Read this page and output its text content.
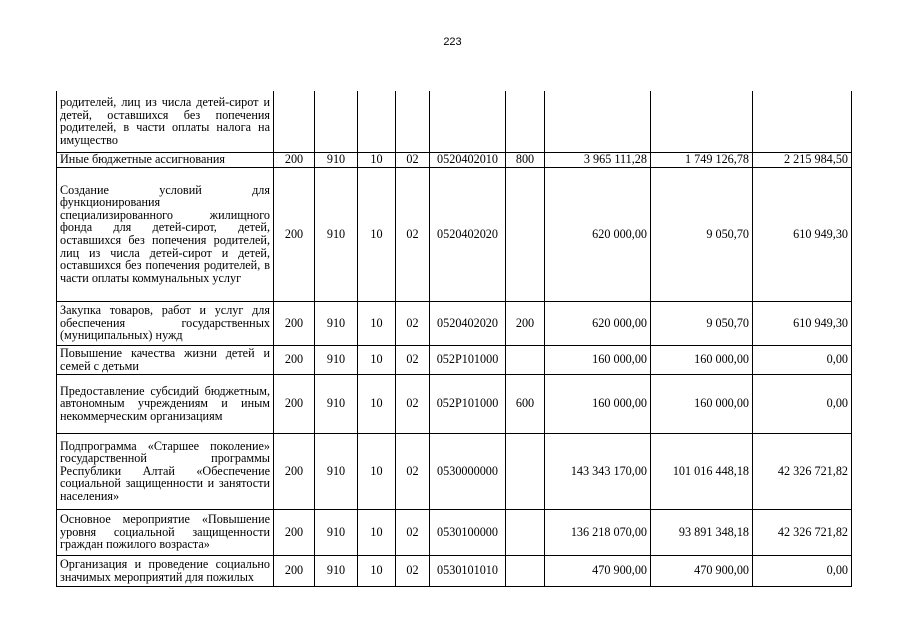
223
родителей, лиц из числа детей-сирот и детей, оставшихся без попечения родителей, в части оплаты налога на имущество									
Иные бюджетные ассигнования	200	910	10	02	0520402010	800	3 965 111,28	1 749 126,78	2 215 984,50
Создание условий для функционирования специализированного жилищного фонда для детей-сирот, детей, оставшихся без попечения родителей, лиц из числа детей-сирот и детей, оставшихся без попечения родителей, в части оплаты коммунальных услуг	200	910	10	02	0520402020		620 000,00	9 050,70	610 949,30
Закупка товаров, работ и услуг для обеспечения государственных (муниципальных) нужд	200	910	10	02	0520402020	200	620 000,00	9 050,70	610 949,30
Повышение качества жизни детей и семей с детьми	200	910	10	02	052P101000		160 000,00	160 000,00	0,00
Предоставление субсидий бюджетным, автономным учреждениям и иным некоммерческим организациям	200	910	10	02	052P101000	600	160 000,00	160 000,00	0,00
Подпрограмма «Старшее поколение» государственной программы Республики Алтай «Обеспечение социальной защищенности и занятости населения»	200	910	10	02	0530000000		143 343 170,00	101 016 448,18	42 326 721,82
Основное мероприятие «Повышение уровня социальной защищенности граждан пожилого возраста»	200	910	10	02	0530100000		136 218 070,00	93 891 348,18	42 326 721,82
Организация и проведение социально значимых мероприятий для пожилых	200	910	10	02	0530101010		470 900,00	470 900,00	0,00
